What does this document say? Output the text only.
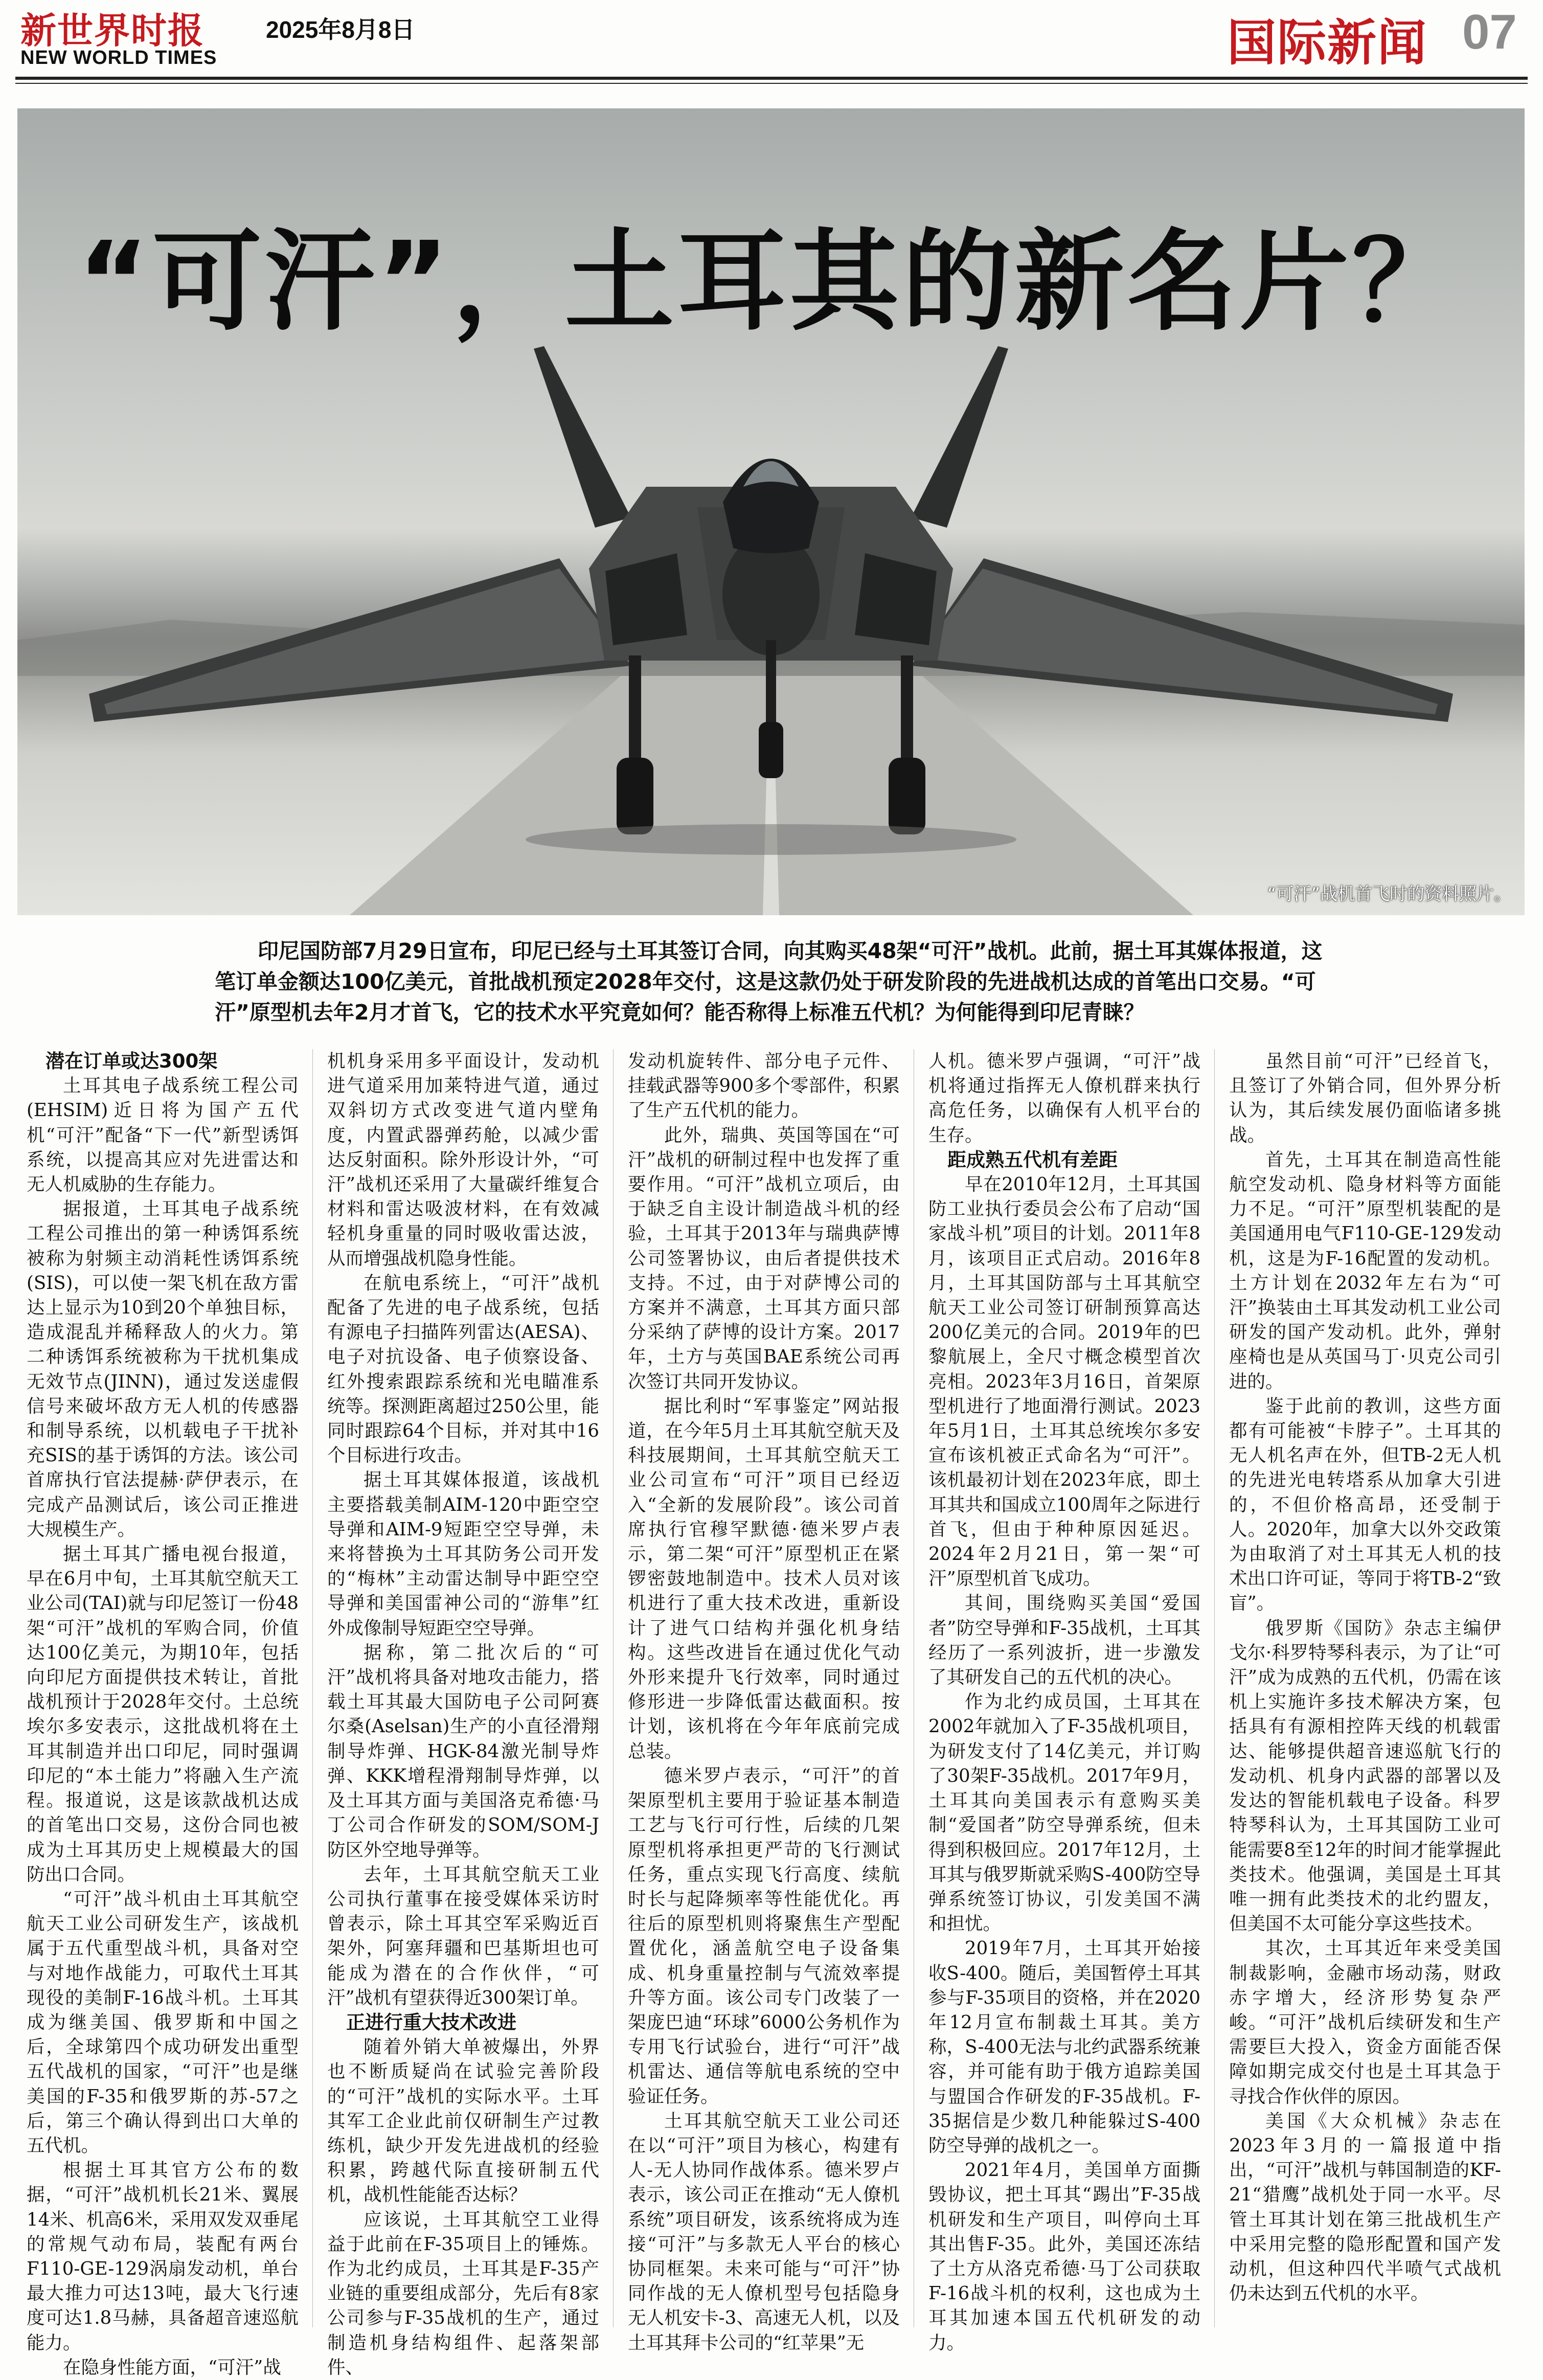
新世界时报
NEW WORLD TIMES
2025年8月8日	国际新闻 07
“可汗”，土耳其的新名片？
“可汗”战机首飞时的资料照片。
印尼国防部7月29日宣布，印尼已经与土耳其签订合同，向其购买48架“可汗”战机。此前，据土耳其媒体报道，这笔订单金额达100亿美元，首批战机预定2028年交付，这是这款仍处于研发阶段的先进战机达成的首笔出口交易。“可汗”原型机去年2月才首飞，它的技术水平究竟如何？能否称得上标准五代机？为何能得到印尼青睐？
潜在订单或达300架

土耳其电子战系统工程公司(EHSIM)近日将为国产五代机“可汗”配备“下一代”新型诱饵系统，以提高其应对先进雷达和无人机威胁的生存能力。

据报道，土耳其电子战系统工程公司推出的第一种诱饵系统被称为射频主动消耗性诱饵系统(SIS)，可以使一架飞机在敌方雷达上显示为10到20个单独目标，造成混乱并稀释敌人的火力。第二种诱饵系统被称为干扰机集成无效节点(JINN)，通过发送虚假信号来破坏敌方无人机的传感器和制导系统，以机载电子干扰补充SIS的基于诱饵的方法。该公司首席执行官法提赫·萨伊表示，在完成产品测试后，该公司正推进大规模生产。

据土耳其广播电视台报道，早在6月中旬，土耳其航空航天工业公司(TAI)就与印尼签订一份48架“可汗”战机的军购合同，价值达100亿美元，为期10年，包括向印尼方面提供技术转让，首批战机预计于2028年交付。土总统埃尔多安表示，这批战机将在土耳其制造并出口印尼，同时强调印尼的“本土能力”将融入生产流程。报道说，这是该款战机达成的首笔出口交易，这份合同也被成为土耳其历史上规模最大的国防出口合同。

“可汗”战斗机由土耳其航空航天工业公司研发生产，该战机属于五代重型战斗机，具备对空与对地作战能力，可取代土耳其现役的美制F-16战斗机。土耳其成为继美国、俄罗斯和中国之后，全球第四个成功研发出重型五代战机的国家，“可汗”也是继美国的F-35和俄罗斯的苏-57之后，第三个确认得到出口大单的五代机。

根据土耳其官方公布的数据，“可汗”战机机长21米、翼展14米、机高6米，采用双发双垂尾的常规气动布局，装配有两台F110-GE-129涡扇发动机，单台最大推力可达13吨，最大飞行速度可达1.8马赫，具备超音速巡航能力。

在隐身性能方面，“可汗”战

机机身采用多平面设计，发动机进气道采用加莱特进气道，通过双斜切方式改变进气道内壁角度，内置武器弹药舱，以减少雷达反射面积。除外形设计外，“可汗”战机还采用了大量碳纤维复合材料和雷达吸波材料，在有效减轻机身重量的同时吸收雷达波，从而增强战机隐身性能。

在航电系统上，“可汗”战机配备了先进的电子战系统，包括有源电子扫描阵列雷达(AESA)、电子对抗设备、电子侦察设备、红外搜索跟踪系统和光电瞄准系统等。探测距离超过250公里，能同时跟踪64个目标，并对其中16个目标进行攻击。

据土耳其媒体报道，该战机主要搭载美制AIM-120中距空空导弹和AIM-9短距空空导弹，未来将替换为土耳其防务公司开发的“梅林”主动雷达制导中距空空导弹和美国雷神公司的“游隼”红外成像制导短距空空导弹。

据称，第二批次后的“可汗”战机将具备对地攻击能力，搭载土耳其最大国防电子公司阿赛尔桑(Aselsan)生产的小直径滑翔制导炸弹、HGK-84激光制导炸弹、KKK增程滑翔制导炸弹，以及土耳其方面与美国洛克希德·马丁公司合作研发的SOM/SOM-J防区外空地导弹等。

去年，土耳其航空航天工业公司执行董事在接受媒体采访时曾表示，除土耳其空军采购近百架外，阿塞拜疆和巴基斯坦也可能成为潜在的合作伙伴，“可汗”战机有望获得近300架订单。

正进行重大技术改进

随着外销大单被爆出，外界也不断质疑尚在试验完善阶段的“可汗”战机的实际水平。土耳其军工企业此前仅研制生产过教练机，缺少开发先进战机的经验积累，跨越代际直接研制五代机，战机性能能否达标？

应该说，土耳其航空工业得益于此前在F-35项目上的锤炼。作为北约成员，土耳其是F-35产业链的重要组成部分，先后有8家公司参与F-35战机的生产，通过制造机身结构组件、起落架部件、

发动机旋转件、部分电子元件、挂载武器等900多个零部件，积累了生产五代机的能力。

此外，瑞典、英国等国在“可汗”战机的研制过程中也发挥了重要作用。“可汗”战机立项后，由于缺乏自主设计制造战斗机的经验，土耳其于2013年与瑞典萨博公司签署协议，由后者提供技术支持。不过，由于对萨博公司的方案并不满意，土耳其方面只部分采纳了萨博的设计方案。2017年，土方与英国BAE系统公司再次签订共同开发协议。

据比利时“军事鉴定”网站报道，在今年5月土耳其航空航天及科技展期间，土耳其航空航天工业公司宣布“可汗”项目已经迈入“全新的发展阶段”。该公司首席执行官穆罕默德·德米罗卢表示，第二架“可汗”原型机正在紧锣密鼓地制造中。技术人员对该机进行了重大技术改进，重新设计了进气口结构并强化机身结构。这些改进旨在通过优化气动外形来提升飞行效率，同时通过修形进一步降低雷达截面积。按计划，该机将在今年年底前完成总装。

德米罗卢表示，“可汗”的首架原型机主要用于验证基本制造工艺与飞行可行性，后续的几架原型机将承担更严苛的飞行测试任务，重点实现飞行高度、续航时长与起降频率等性能优化。再往后的原型机则将聚焦生产型配置优化，涵盖航空电子设备集成、机身重量控制与气流效率提升等方面。该公司专门改装了一架庞巴迪“环球”6000公务机作为专用飞行试验台，进行“可汗”战机雷达、通信等航电系统的空中验证任务。

土耳其航空航天工业公司还在以“可汗”项目为核心，构建有人-无人协同作战体系。德米罗卢表示，该公司正在推动“无人僚机系统”项目研发，该系统将成为连接“可汗”与多款无人平台的核心协同框架。未来可能与“可汗”协同作战的无人僚机型号包括隐身无人机安卡-3、高速无人机，以及土耳其拜卡公司的“红苹果”无

人机。德米罗卢强调，“可汗”战机将通过指挥无人僚机群来执行高危任务，以确保有人机平台的生存。

距成熟五代机有差距

早在2010年12月，土耳其国防工业执行委员会公布了启动“国家战斗机”项目的计划。2011年8月，该项目正式启动。2016年8月，土耳其国防部与土耳其航空航天工业公司签订研制预算高达200亿美元的合同。2019年的巴黎航展上，全尺寸概念模型首次亮相。2023年3月16日，首架原型机进行了地面滑行测试。2023年5月1日，土耳其总统埃尔多安宣布该机被正式命名为“可汗”。该机最初计划在2023年底，即土耳其共和国成立100周年之际进行首飞，但由于种种原因延迟。2024年2月21日，第一架“可汗”原型机首飞成功。

其间，围绕购买美国“爱国者”防空导弹和F-35战机，土耳其经历了一系列波折，进一步激发了其研发自己的五代机的决心。

作为北约成员国，土耳其在2002年就加入了F-35战机项目，为研发支付了14亿美元，并订购了30架F-35战机。2017年9月，土耳其向美国表示有意购买美制“爱国者”防空导弹系统，但未得到积极回应。2017年12月，土耳其与俄罗斯就采购S-400防空导弹系统签订协议，引发美国不满和担忧。

2019年7月，土耳其开始接收S-400。随后，美国暂停土耳其参与F-35项目的资格，并在2020年12月宣布制裁土耳其。美方称，S-400无法与北约武器系统兼容，并可能有助于俄方追踪美国与盟国合作研发的F-35战机。F-35据信是少数几种能躲过S-400防空导弹的战机之一。

2021年4月，美国单方面撕毁协议，把土耳其“踢出”F-35战机研发和生产项目，叫停向土耳其出售F-35。此外，美国还冻结了土方从洛克希德·马丁公司获取F-16战斗机的权利，这也成为土耳其加速本国五代机研发的动力。

虽然目前“可汗”已经首飞，且签订了外销合同，但外界分析认为，其后续发展仍面临诸多挑战。

首先，土耳其在制造高性能航空发动机、隐身材料等方面能力不足。“可汗”原型机装配的是美国通用电气F110-GE-129发动机，这是为F-16配置的发动机。土方计划在2032年左右为“可汗”换装由土耳其发动机工业公司研发的国产发动机。此外，弹射座椅也是从英国马丁·贝克公司引进的。

鉴于此前的教训，这些方面都有可能被“卡脖子”。土耳其的无人机名声在外，但TB-2无人机的先进光电转塔系从加拿大引进的，不但价格高昂，还受制于人。2020年，加拿大以外交政策为由取消了对土耳其无人机的技术出口许可证，等同于将TB-2“致盲”。

俄罗斯《国防》杂志主编伊戈尔·科罗特琴科表示，为了让“可汗”成为成熟的五代机，仍需在该机上实施许多技术解决方案，包括具有有源相控阵天线的机载雷达、能够提供超音速巡航飞行的发动机、机身内武器的部署以及发达的智能机载电子设备。科罗特琴科认为，土耳其国防工业可能需要8至12年的时间才能掌握此类技术。他强调，美国是土耳其唯一拥有此类技术的北约盟友，但美国不太可能分享这些技术。

其次，土耳其近年来受美国制裁影响，金融市场动荡，财政赤字增大，经济形势复杂严峻。“可汗”战机后续研发和生产需要巨大投入，资金方面能否保障如期完成交付也是土耳其急于寻找合作伙伴的原因。

美国《大众机械》杂志在2023年3月的一篇报道中指出，“可汗”战机与韩国制造的KF-21“猎鹰”战机处于同一水平。尽管土耳其计划在第三批战机生产中采用完整的隐形配置和国产发动机，但这种四代半喷气式战机仍未达到五代机的水平。
